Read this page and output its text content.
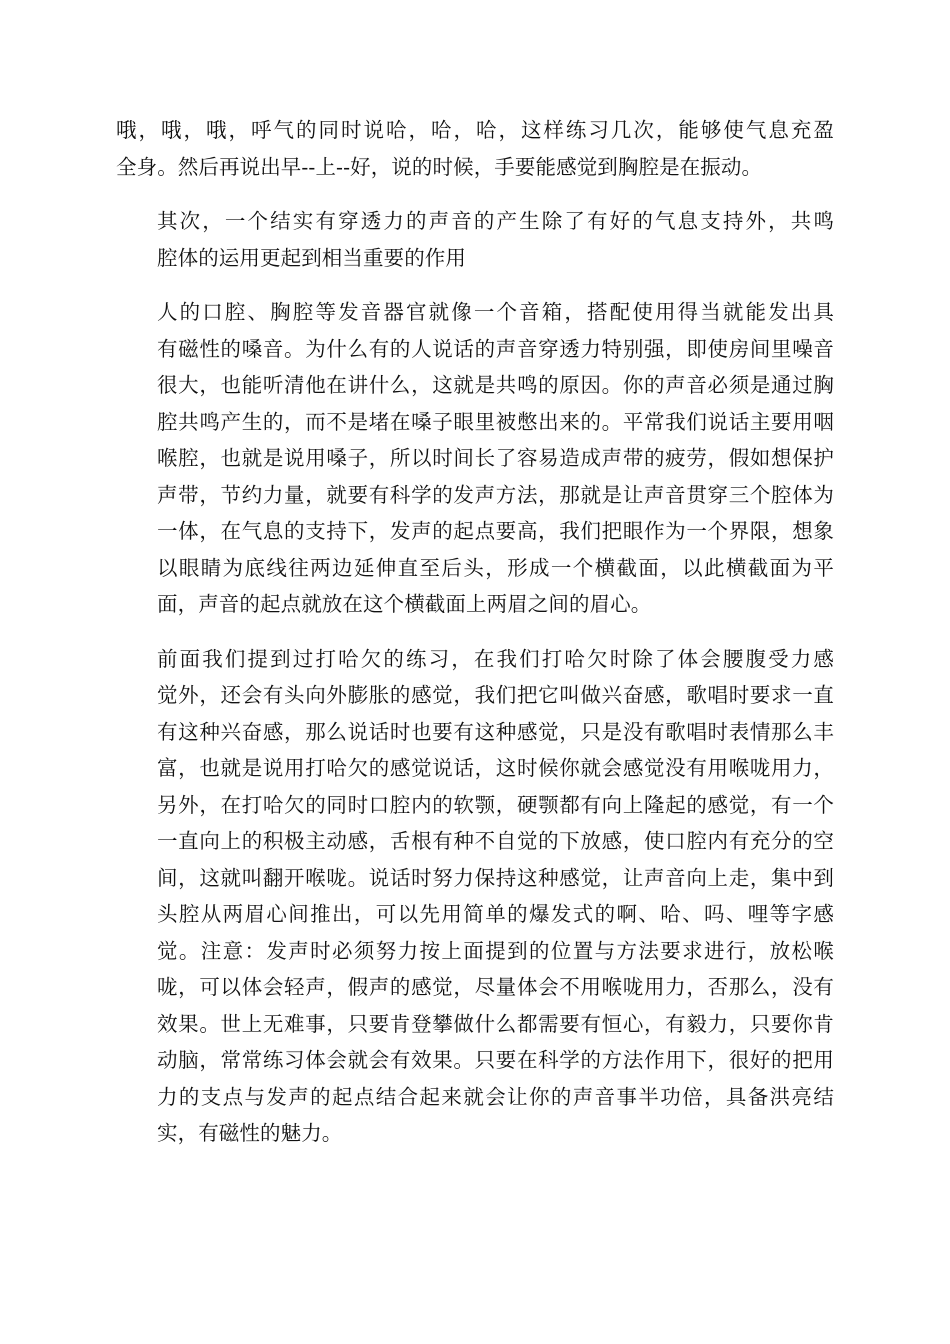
哦，哦，哦，呼气的同时说哈，哈，哈，这样练习几次，能够使气息充盈
全身。然后再说出早--上--好，说的时候，手要能感觉到胸腔是在振动。
其次，一个结实有穿透力的声音的产生除了有好的气息支持外，共鸣
腔体的运用更起到相当重要的作用
人的口腔、胸腔等发音器官就像一个音箱，搭配使用得当就能发出具
有磁性的嗓音。为什么有的人说话的声音穿透力特别强，即使房间里噪音
很大，也能听清他在讲什么，这就是共鸣的原因。你的声音必须是通过胸
腔共鸣产生的，而不是堵在嗓子眼里被憋出来的。平常我们说话主要用咽
喉腔，也就是说用嗓子，所以时间长了容易造成声带的疲劳，假如想保护
声带，节约力量，就要有科学的发声方法，那就是让声音贯穿三个腔体为
一体，在气息的支持下，发声的起点要高，我们把眼作为一个界限，想象
以眼睛为底线往两边延伸直至后头，形成一个横截面，以此横截面为平
面，声音的起点就放在这个横截面上两眉之间的眉心。
前面我们提到过打哈欠的练习，在我们打哈欠时除了体会腰腹受力感
觉外，还会有头向外膨胀的感觉，我们把它叫做兴奋感，歌唱时要求一直
有这种兴奋感，那么说话时也要有这种感觉，只是没有歌唱时表情那么丰
富，也就是说用打哈欠的感觉说话，这时候你就会感觉没有用喉咙用力，
另外，在打哈欠的同时口腔内的软颚，硬颚都有向上隆起的感觉，有一个
一直向上的积极主动感，舌根有种不自觉的下放感，使口腔内有充分的空
间，这就叫翻开喉咙。说话时努力保持这种感觉，让声音向上走，集中到
头腔从两眉心间推出，可以先用简单的爆发式的啊、哈、吗、哩等字感
觉。注意：发声时必须努力按上面提到的位置与方法要求进行，放松喉
咙，可以体会轻声，假声的感觉，尽量体会不用喉咙用力，否那么，没有
效果。世上无难事，只要肯登攀做什么都需要有恒心，有毅力，只要你肯
动脑，常常练习体会就会有效果。只要在科学的方法作用下，很好的把用
力的支点与发声的起点结合起来就会让你的声音事半功倍，具备洪亮结
实，有磁性的魅力。
